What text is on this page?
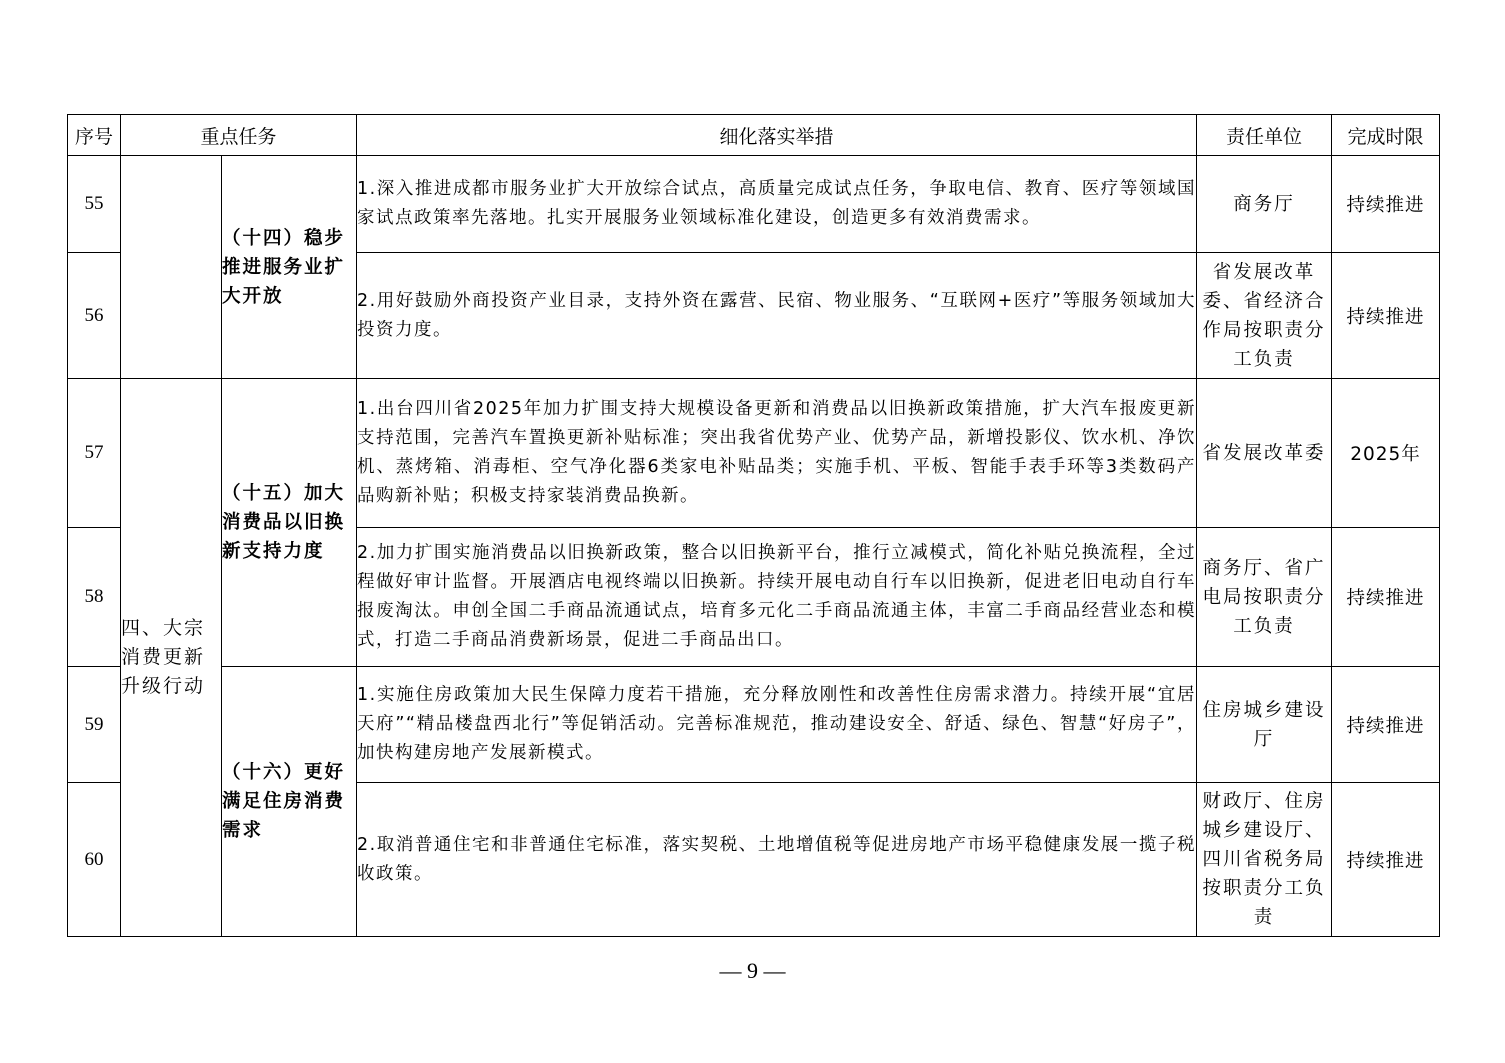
序号	重点任务		细化落实举措	责任单位	完成时限
55		（十四）稳步推进服务业扩大开放	1.深入推进成都市服务业扩大开放综合试点，高质量完成试点任务，争取电信、教育、医疗等领域国家试点政策率先落地。扎实开展服务业领域标准化建设，创造更多有效消费需求。	商务厅	持续推进
56			2.用好鼓励外商投资产业目录，支持外资在露营、民宿、物业服务、“互联网+医疗”等服务领域加大投资力度。	省发展改革委、省经济合作局按职责分工负责	持续推进
57	四、大宗消费更新升级行动	（十五）加大消费品以旧换新支持力度	1.出台四川省2025年加力扩围支持大规模设备更新和消费品以旧换新政策措施，扩大汽车报废更新支持范围，完善汽车置换更新补贴标准；突出我省优势产业、优势产品，新增投影仪、饮水机、净饮机、蒸烤箱、消毒柜、空气净化器6类家电补贴品类；实施手机、平板、智能手表手环等3类数码产品购新补贴；积极支持家装消费品换新。	省发展改革委	2025年
58			2.加力扩围实施消费品以旧换新政策，整合以旧换新平台，推行立减模式，简化补贴兑换流程，全过程做好审计监督。开展酒店电视终端以旧换新。持续开展电动自行车以旧换新，促进老旧电动自行车报废淘汰。申创全国二手商品流通试点，培育多元化二手商品流通主体，丰富二手商品经营业态和模式，打造二手商品消费新场景，促进二手商品出口。	商务厅、省广电局按职责分工负责	持续推进
59		（十六）更好满足住房消费需求	1.实施住房政策加大民生保障力度若干措施，充分释放刚性和改善性住房需求潜力。持续开展“宜居天府”“精品楼盘西北行”等促销活动。完善标准规范，推动建设安全、舒适、绿色、智慧“好房子”，加快构建房地产发展新模式。	住房城乡建设厅	持续推进
60			2.取消普通住宅和非普通住宅标准，落实契税、土地增值税等促进房地产市场平稳健康发展一揽子税收政策。	财政厅、住房城乡建设厅、四川省税务局按职责分工负责	持续推进
— 9 —
